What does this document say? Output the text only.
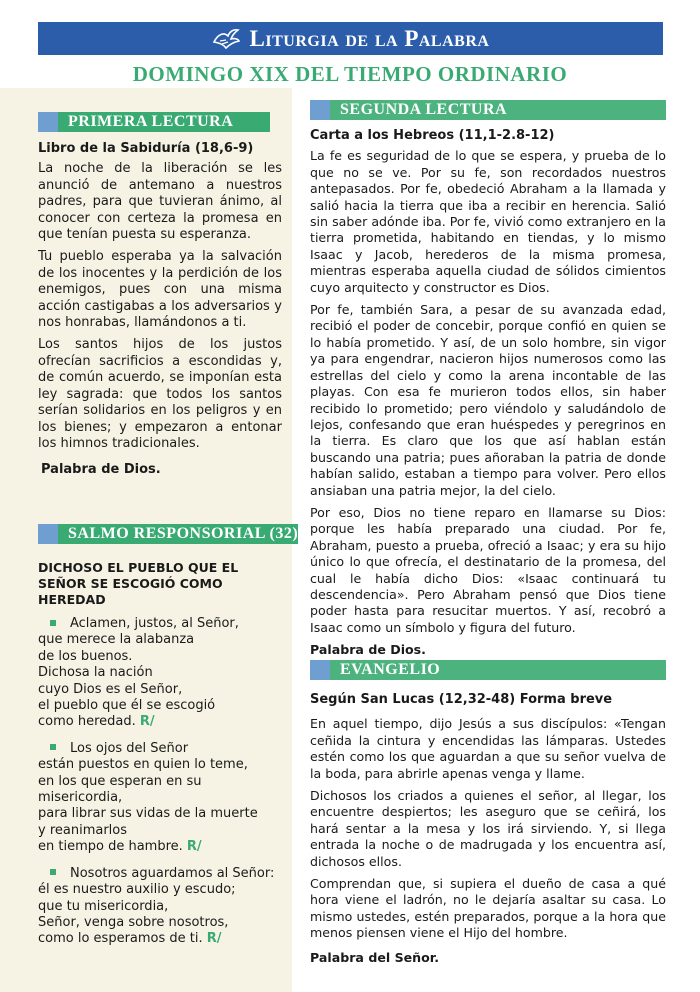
Liturgia de la Palabra
DOMINGO XIX DEL TIEMPO ORDINARIO
PRIMERA LECTURA
Libro de la Sabiduría (18,6-9)

La noche de la liberación se les anunció de antemano a nuestros padres, para que tuvieran ánimo, al conocer con certeza la promesa en que tenían puesta su esperanza.

Tu pueblo esperaba ya la salvación de los inocentes y la perdición de los enemigos, pues con una misma acción castigabas a los adversarios y nos honrabas, llamándonos a ti.

Los santos hijos de los justos ofrecían sacrificios a escondidas y, de común acuerdo, se imponían esta ley sagrada: que todos los santos serían solidarios en los peligros y en los bienes; y empezaron a entonar los himnos tradicionales.

Palabra de Dios.

SALMO RESPONSORIAL (32)
DICHOSO EL PUEBLO QUE EL SEÑOR SE ESCOGIÓ COMO HEREDAD
Aclamen, justos, al Señor,
que merece la alabanza
de los buenos.
Dichosa la nación
cuyo Dios es el Señor,
el pueblo que él se escogió
como heredad. R/
Los ojos del Señor
están puestos en quien lo teme,
en los que esperan en su
misericordia,
para librar sus vidas de la muerte
y reanimarlos
en tiempo de hambre. R/
Nosotros aguardamos al Señor:
él es nuestro auxilio y escudo;
que tu misericordia,
Señor, venga sobre nosotros,
como lo esperamos de ti. R/
SEGUNDA LECTURA
Carta a los Hebreos (11,1-2.8-12)

La fe es seguridad de lo que se espera, y prueba de lo que no se ve. Por su fe, son recordados nuestros antepasados. Por fe, obedeció Abraham a la llamada y salió hacia la tierra que iba a recibir en herencia. Salió sin saber adónde iba. Por fe, vivió como extranjero en la tierra prometida, habitando en tiendas, y lo mismo Isaac y Jacob, herederos de la misma promesa, mientras esperaba aquella ciudad de sólidos cimientos cuyo arquitecto y constructor es Dios.

Por fe, también Sara, a pesar de su avanzada edad, recibió el poder de concebir, porque confió en quien se lo había prometido. Y así, de un solo hombre, sin vigor ya para engendrar, nacieron hijos numerosos como las estrellas del cielo y como la arena incontable de las playas. Con esa fe murieron todos ellos, sin haber recibido lo prometido; pero viéndolo y saludándolo de lejos, confesando que eran huéspedes y peregrinos en la tierra. Es claro que los que así hablan están buscando una patria; pues añoraban la patria de donde habían salido, estaban a tiempo para volver. Pero ellos ansiaban una patria mejor, la del cielo.

Por eso, Dios no tiene reparo en llamarse su Dios: porque les había preparado una ciudad. Por fe, Abraham, puesto a prueba, ofreció a Isaac; y era su hijo único lo que ofrecía, el destinatario de la promesa, del cual le había dicho Dios: «Isaac continuará tu descendencia». Pero Abraham pensó que Dios tiene poder hasta para resucitar muertos. Y así, recobró a Isaac como un símbolo y figura del futuro.

Palabra de Dios.

EVANGELIO
Según San Lucas (12,32-48) Forma breve

En aquel tiempo, dijo Jesús a sus discípulos: «Tengan ceñida la cintura y encendidas las lámparas. Ustedes estén como los que aguardan a que su señor vuelva de la boda, para abrirle apenas venga y llame.

Dichosos los criados a quienes el señor, al llegar, los encuentre despiertos; les aseguro que se ceñirá, los hará sentar a la mesa y los irá sirviendo. Y, si llega entrada la noche o de madrugada y los encuentra así, dichosos ellos.

Comprendan que, si supiera el dueño de casa a qué hora viene el ladrón, no le dejaría asaltar su casa. Lo mismo ustedes, estén preparados, porque a la hora que menos piensen viene el Hijo del hombre.

Palabra del Señor.
